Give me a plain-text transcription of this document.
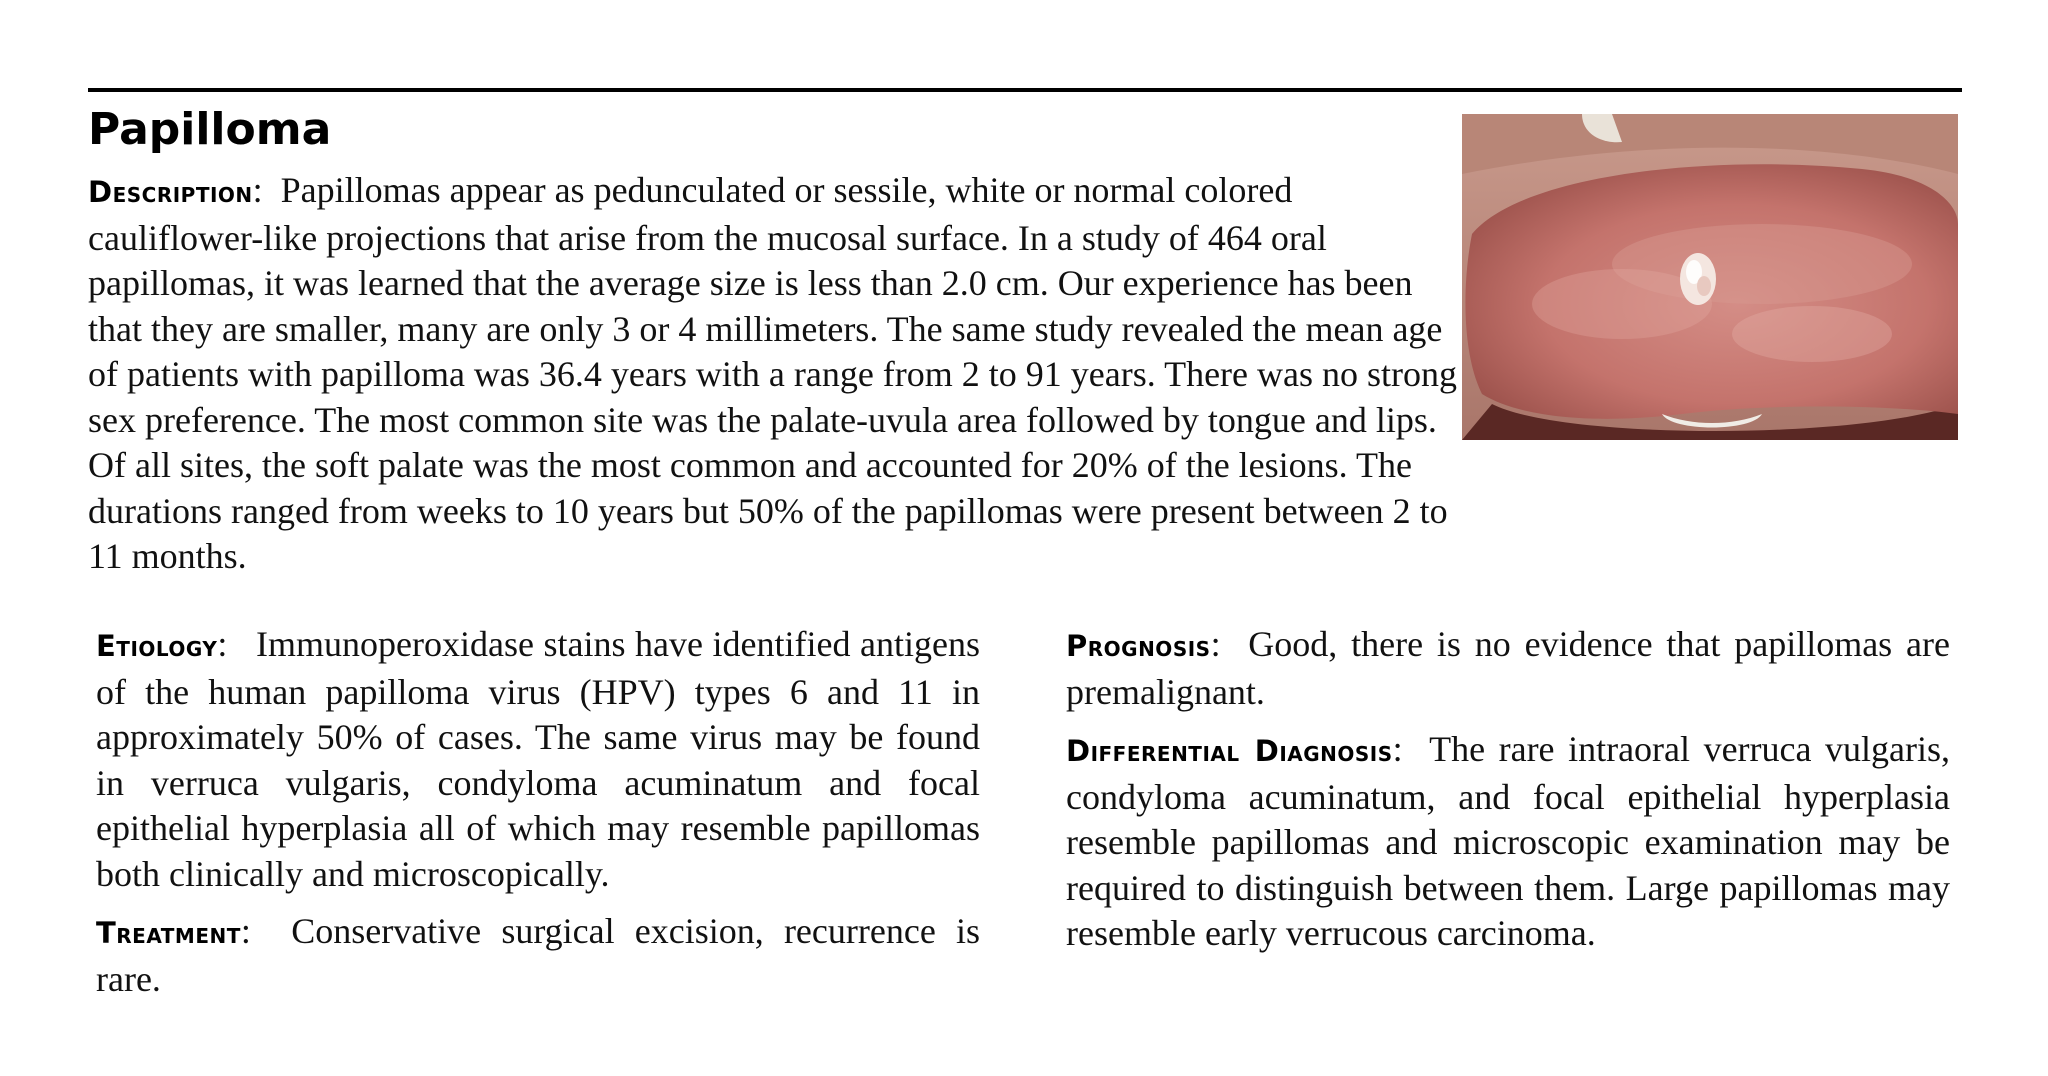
Papilloma

Description:  Papillomas appear as pedunculated or sessile, white or normal colored cauliflower-like projections that arise from the mucosal surface. In a study of 464 oral papillomas, it was learned that the average size is less than 2.0 cm. Our experience has been that they are smaller, many are only 3 or 4 millimeters. The same study revealed the mean age of patients with papilloma was 36.4 years with a range from 2 to 91 years. There was no strong sex preference. The most common site was the palate-uvula area followed by tongue and lips. Of all sites, the soft palate was the most common and accounted for 20% of the lesions. The durations ranged from weeks to 10 years but 50% of the papillomas were present between 2 to 11 months.

Etiology:   Immunoperoxidase stains have identified antigens of the human papilloma virus (HPV) types 6 and 11 in approximately 50% of cases. The same virus may be found in verruca vulgaris, condyloma acuminatum and focal epithelial hyperplasia all of which may resemble papillomas both clinically and microscopically.

Treatment:  Conservative surgical excision, recurrence is rare.

Prognosis:  Good, there is no evidence that papillomas are premalignant.

Differential Diagnosis:  The rare intraoral verruca vulgaris, condyloma acuminatum, and focal epithelial hyperplasia resemble papillomas and microscopic examination may be required to distinguish between them. Large papillomas may resemble early verrucous carcinoma.
